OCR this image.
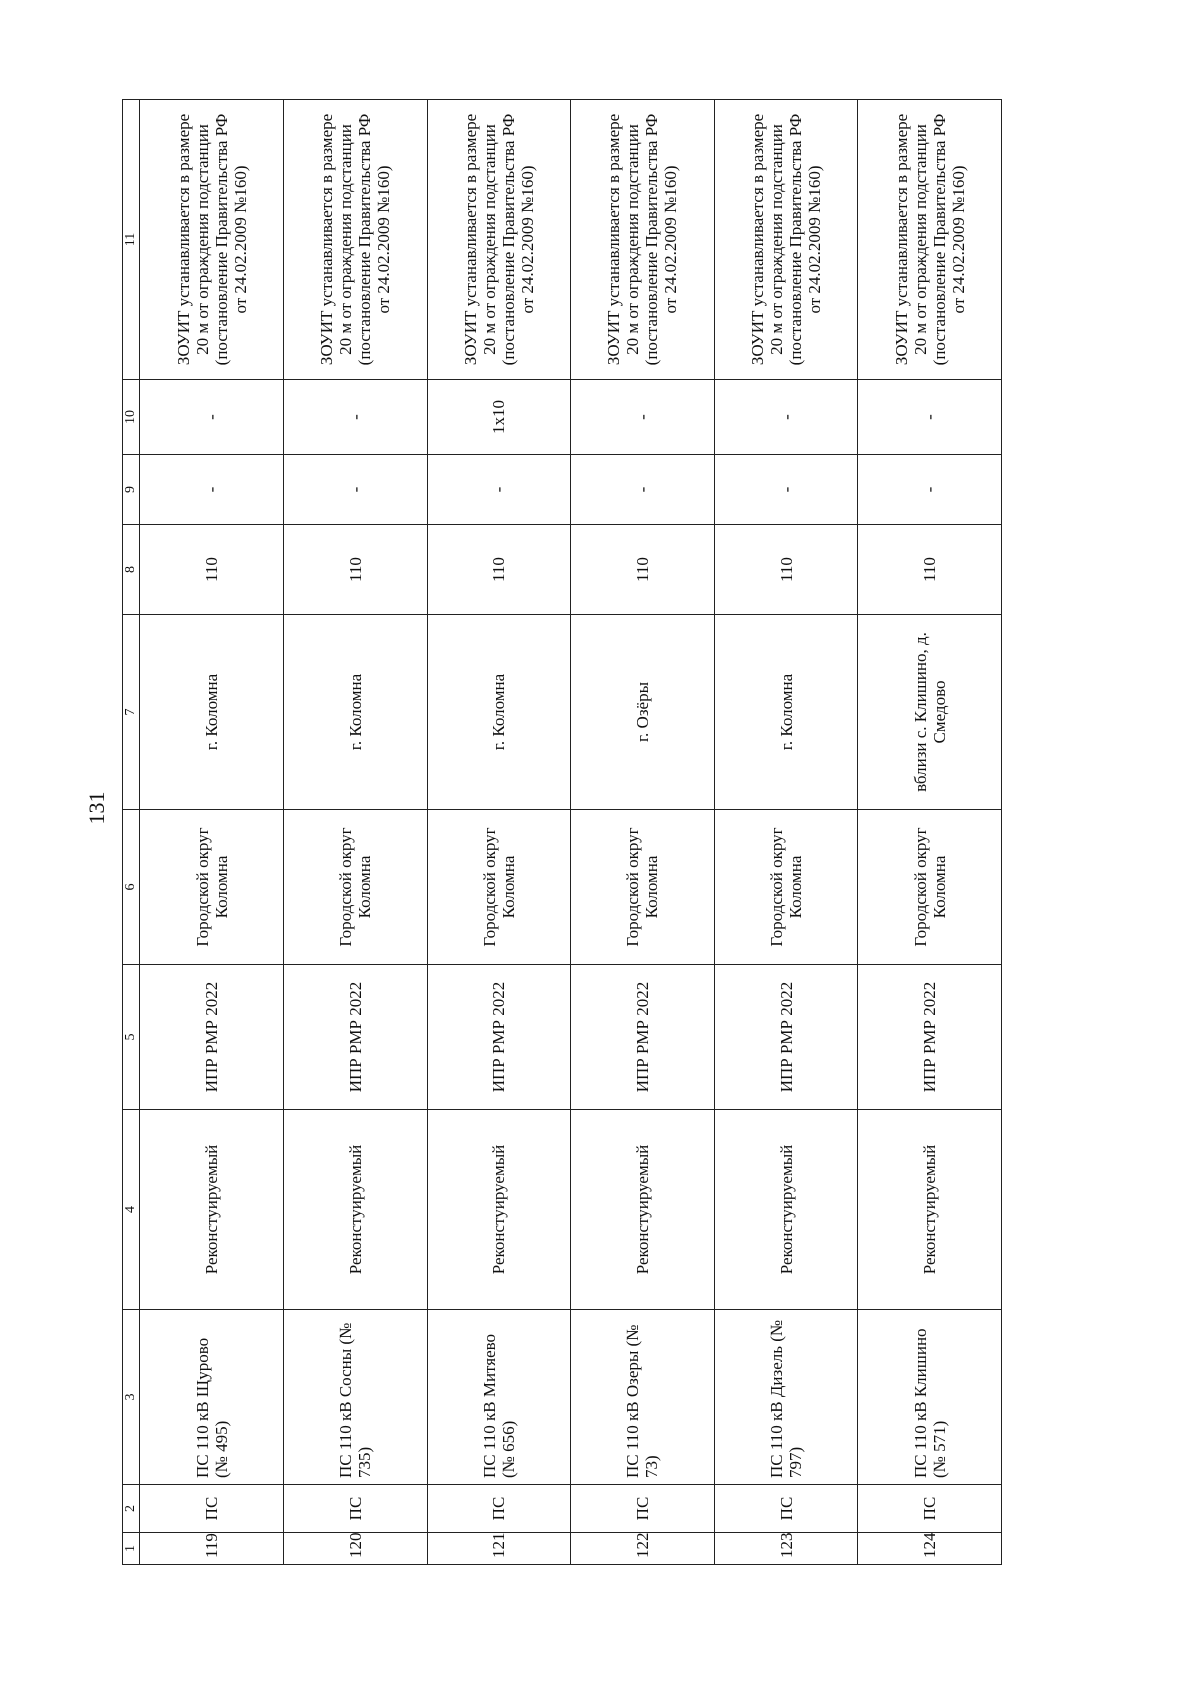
131
1	2	3	4	5	6	7	8	9	10	11
119	ПС	ПС 110 кВ Щурово (№ 495)	Реконстуируемый	ИПР РМР 2022	Городской округ Коломна	г. Коломна	110	-	-	ЗОУИТ устанавливается в размере 20 м от ограждения подстанции (постановление Правительства РФ от 24.02.2009 №160)
120	ПС	ПС 110 кВ Сосны (№ 735)	Реконстуируемый	ИПР РМР 2022	Городской округ Коломна	г. Коломна	110	-	-	ЗОУИТ устанавливается в размере 20 м от ограждения подстанции (постановление Правительства РФ от 24.02.2009 №160)
121	ПС	ПС 110 кВ Митяево (№ 656)	Реконстуируемый	ИПР РМР 2022	Городской округ Коломна	г. Коломна	110	-	1x10	ЗОУИТ устанавливается в размере 20 м от ограждения подстанции (постановление Правительства РФ от 24.02.2009 №160)
122	ПС	ПС 110 кВ Озеры (№ 73)	Реконстуируемый	ИПР РМР 2022	Городской округ Коломна	г. Озёры	110	-	-	ЗОУИТ устанавливается в размере 20 м от ограждения подстанции (постановление Правительства РФ от 24.02.2009 №160)
123	ПС	ПС 110 кВ Дизель (№ 797)	Реконстуируемый	ИПР РМР 2022	Городской округ Коломна	г. Коломна	110	-	-	ЗОУИТ устанавливается в размере 20 м от ограждения подстанции (постановление Правительства РФ от 24.02.2009 №160)
124	ПС	ПС 110 кВ Клишино (№ 571)	Реконстуируемый	ИПР РМР 2022	Городской округ Коломна	вблизи с. Клишино, д. Смедово	110	-	-	ЗОУИТ устанавливается в размере 20 м от ограждения подстанции (постановление Правительства РФ от 24.02.2009 №160)
